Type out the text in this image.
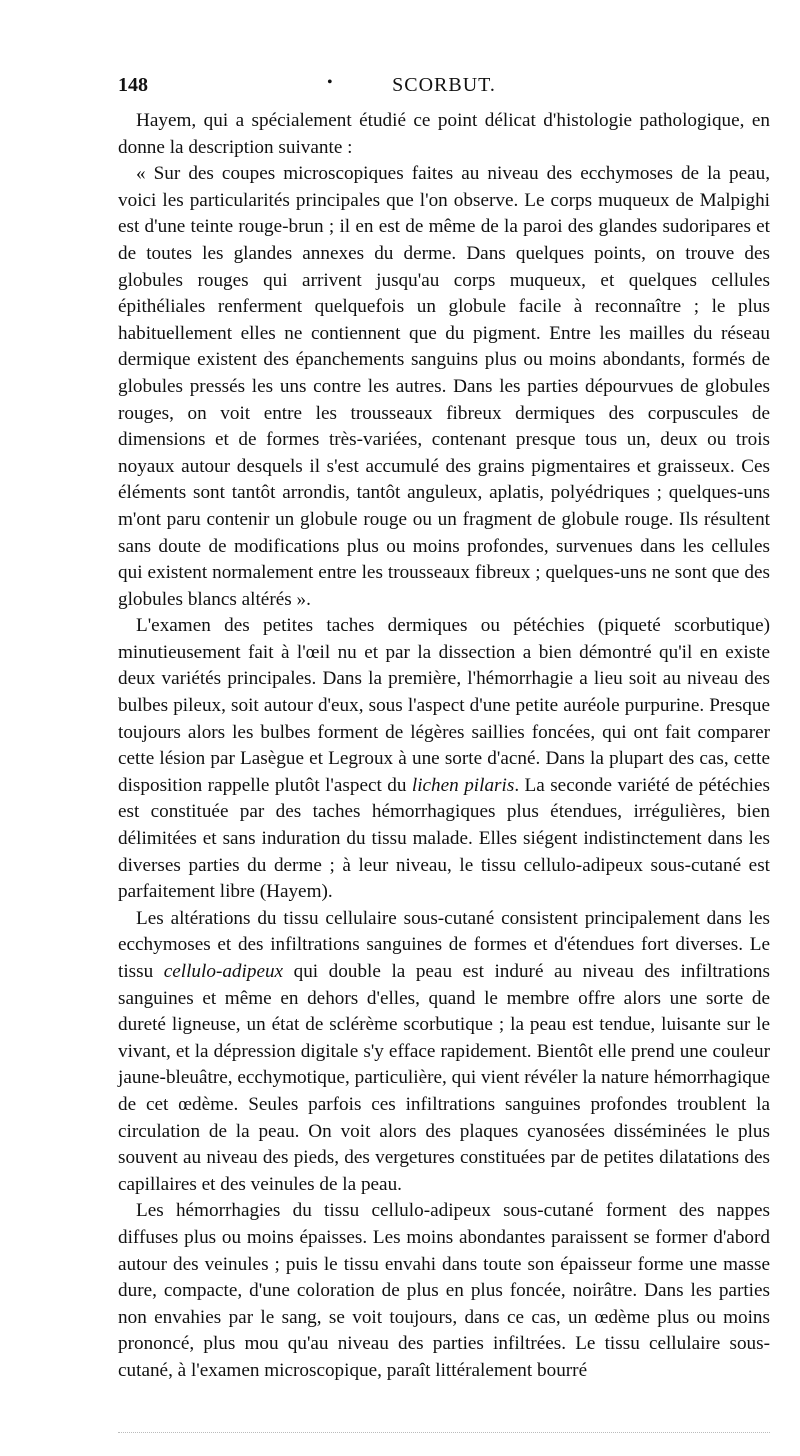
148	•	SCORBUT.

Hayem, qui a spécialement étudié ce point délicat d'histologie pathologique, en donne la description suivante :

« Sur des coupes microscopiques faites au niveau des ecchymoses de la peau, voici les particularités principales que l'on observe. Le corps muqueux de Malpighi est d'une teinte rouge-brun ; il en est de même de la paroi des glandes sudoripares et de toutes les glandes annexes du derme. Dans quelques points, on trouve des globules rouges qui arrivent jusqu'au corps muqueux, et quelques cellules épithéliales renferment quelquefois un globule facile à reconnaître ; le plus habituellement elles ne contiennent que du pigment. Entre les mailles du réseau dermique existent des épanchements sanguins plus ou moins abondants, formés de globules pressés les uns contre les autres. Dans les parties dépourvues de globules rouges, on voit entre les trousseaux fibreux dermiques des corpuscules de dimensions et de formes très-variées, contenant presque tous un, deux ou trois noyaux autour desquels il s'est accumulé des grains pigmentaires et graisseux. Ces éléments sont tantôt arrondis, tantôt anguleux, aplatis, polyédriques ; quelques-uns m'ont paru contenir un globule rouge ou un fragment de globule rouge. Ils résultent sans doute de modifications plus ou moins profondes, survenues dans les cellules qui existent normalement entre les trousseaux fibreux ; quelques-uns ne sont que des globules blancs altérés ».

L'examen des petites taches dermiques ou pétéchies (piqueté scorbutique) minutieusement fait à l'œil nu et par la dissection a bien démontré qu'il en existe deux variétés principales. Dans la première, l'hémorrhagie a lieu soit au niveau des bulbes pileux, soit autour d'eux, sous l'aspect d'une petite auréole purpurine. Presque toujours alors les bulbes forment de légères saillies foncées, qui ont fait comparer cette lésion par Lasègue et Legroux à une sorte d'acné. Dans la plupart des cas, cette disposition rappelle plutôt l'aspect du lichen pilaris. La seconde variété de pétéchies est constituée par des taches hémorrhagiques plus étendues, irrégulières, bien délimitées et sans induration du tissu malade. Elles siégent indistinctement dans les diverses parties du derme ; à leur niveau, le tissu cellulo-adipeux sous-cutané est parfaitement libre (Hayem).

Les altérations du tissu cellulaire sous-cutané consistent principalement dans les ecchymoses et des infiltrations sanguines de formes et d'étendues fort diverses. Le tissu cellulo-adipeux qui double la peau est induré au niveau des infiltrations sanguines et même en dehors d'elles, quand le membre offre alors une sorte de dureté ligneuse, un état de sclérème scorbutique ; la peau est tendue, luisante sur le vivant, et la dépression digitale s'y efface rapidement. Bientôt elle prend une couleur jaune-bleuâtre, ecchymotique, particulière, qui vient révéler la nature hémorrhagique de cet œdème. Seules parfois ces infiltrations sanguines profondes troublent la circulation de la peau. On voit alors des plaques cyanosées disséminées le plus souvent au niveau des pieds, des vergetures constituées par de petites dilatations des capillaires et des veinules de la peau.

Les hémorrhagies du tissu cellulo-adipeux sous-cutané forment des nappes diffuses plus ou moins épaisses. Les moins abondantes paraissent se former d'abord autour des veinules ; puis le tissu envahi dans toute son épaisseur forme une masse dure, compacte, d'une coloration de plus en plus foncée, noirâtre. Dans les parties non envahies par le sang, se voit toujours, dans ce cas, un œdème plus ou moins prononcé, plus mou qu'au niveau des parties infiltrées. Le tissu cellulaire sous-cutané, à l'examen microscopique, paraît littéralement bourré
